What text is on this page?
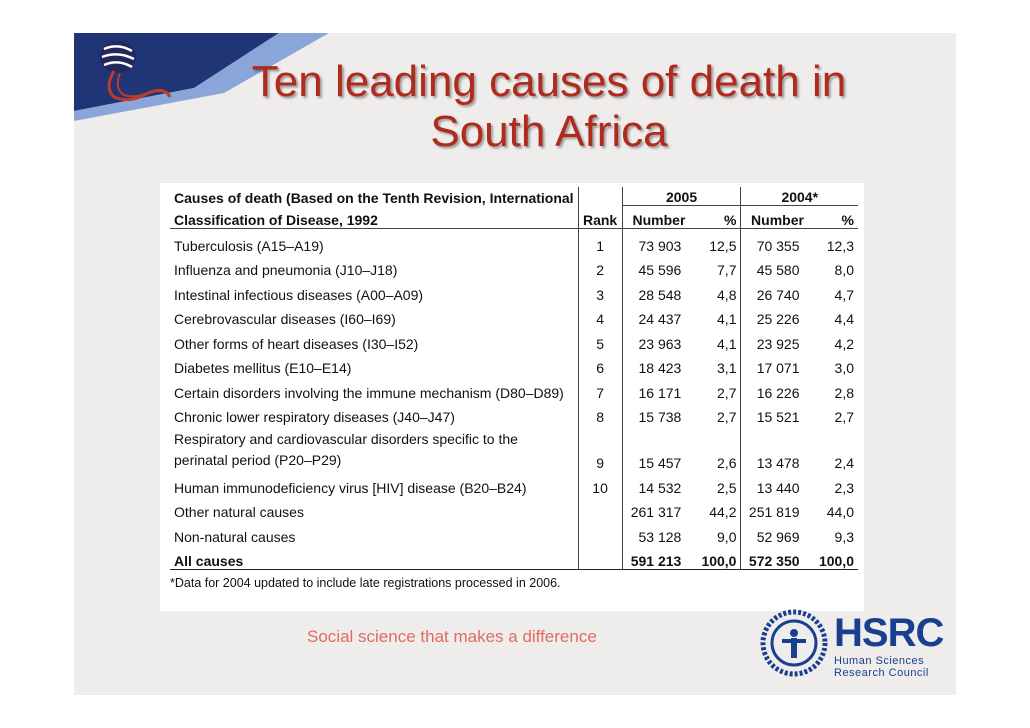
Ten leading causes of death in
South Africa
Causes of death (Based on the Tenth Revision, International		2005		2004*	
Classification of Disease, 1992	Rank	Number	%	Number	%
Tuberculosis (A15–A19)	1	73 903	12,5	70 355	12,3
Influenza and pneumonia (J10–J18)	2	45 596	7,7	45 580	8,0
Intestinal infectious diseases (A00–A09)	3	28 548	4,8	26 740	4,7
Cerebrovascular diseases (I60–I69)	4	24 437	4,1	25 226	4,4
Other forms of heart diseases (I30–I52)	5	23 963	4,1	23 925	4,2
Diabetes mellitus (E10–E14)	6	18 423	3,1	17 071	3,0
Certain disorders involving the immune mechanism (D80–D89)	7	16 171	2,7	16 226	2,8
Chronic lower respiratory diseases (J40–J47)	8	15 738	2,7	15 521	2,7
Respiratory and cardiovascular disorders specific to the perinatal period (P20–P29)	9	15 457	2,6	13 478	2,4
Human immunodeficiency virus [HIV] disease (B20–B24)	10	14 532	2,5	13 440	2,3
Other natural causes		261 317	44,2	251 819	44,0
Non-natural causes		53 128	9,0	52 969	9,3
All causes		591 213	100,0	572 350	100,0
*Data for 2004 updated to include late registrations processed in 2006.
Social science that makes a difference	HSRC
Human Sciences
Research Council
